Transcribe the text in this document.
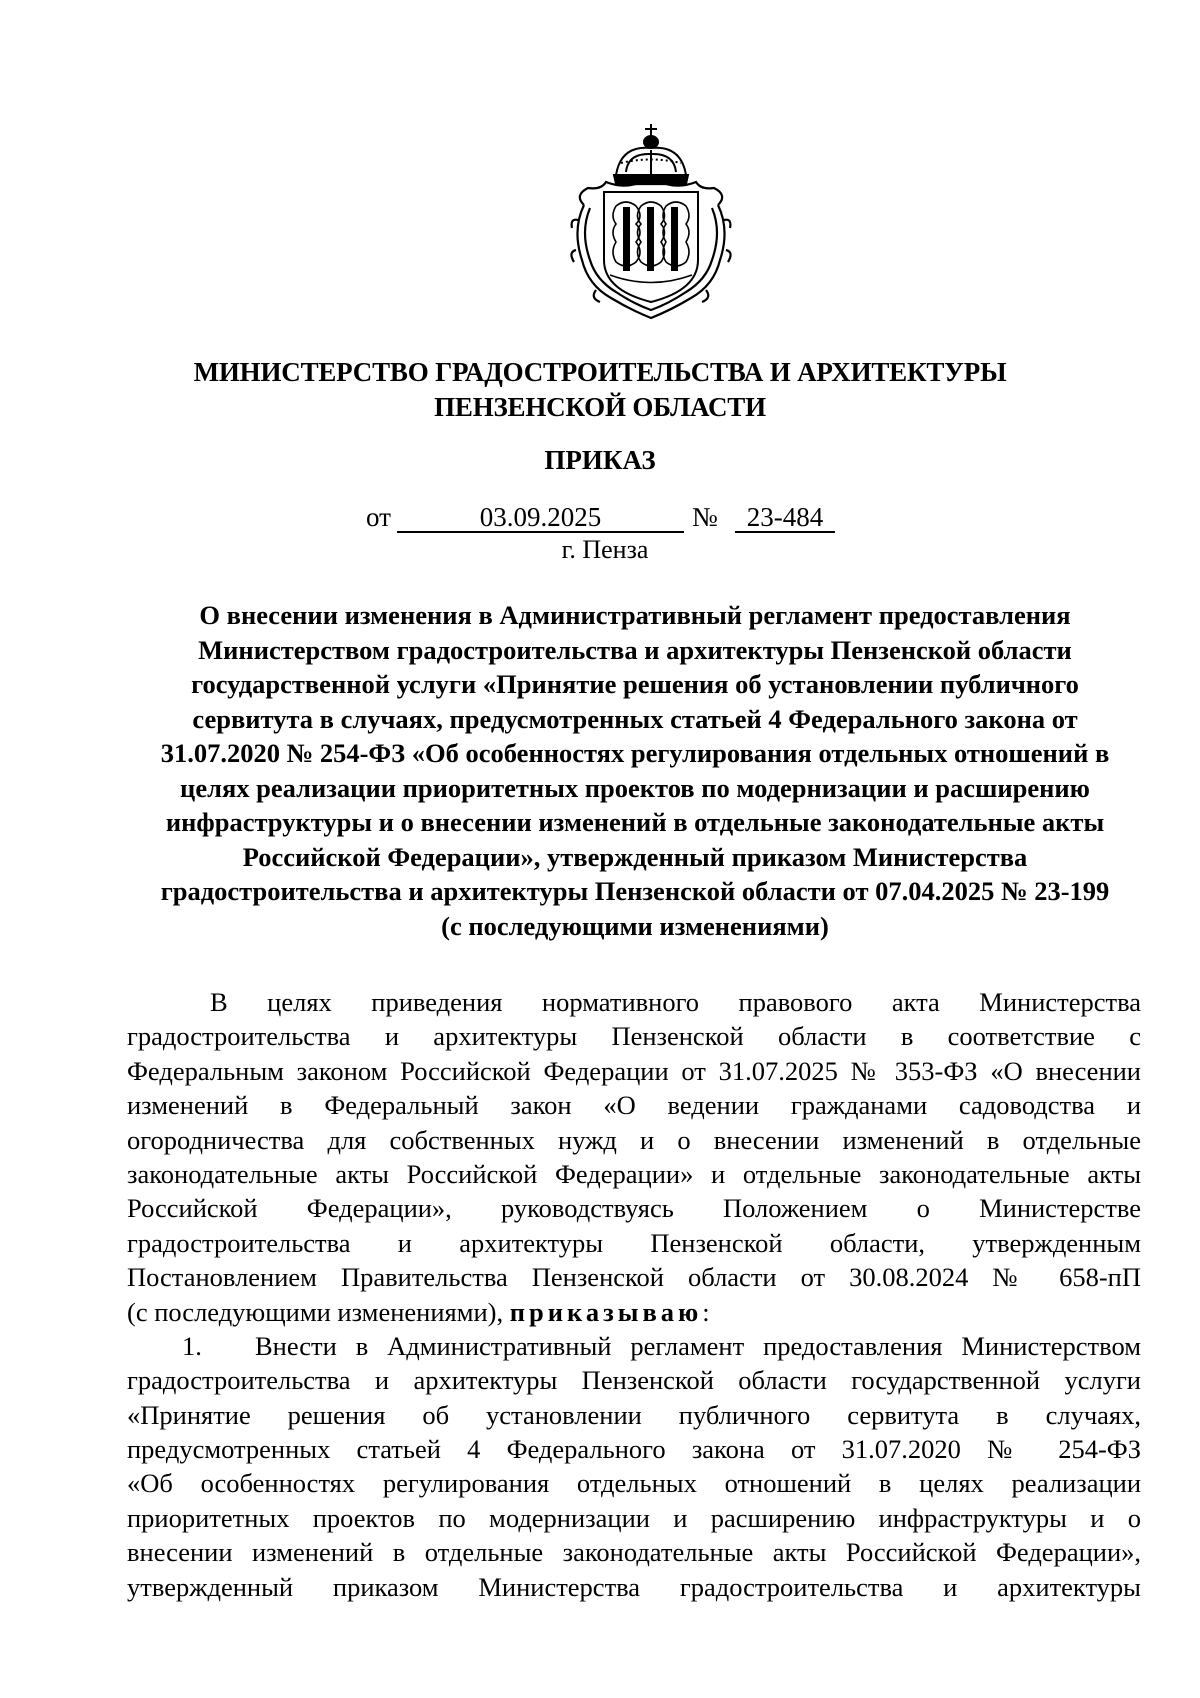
МИНИСТЕРСТВО ГРАДОСТРОИТЕЛЬСТВА И АРХИТЕКТУРЫ
ПЕНЗЕНСКОЙ ОБЛАСТИ
ПРИКАЗ
от	03.09.2025	№	23-484
г. Пенза
О внесении изменения в Административный регламент предоставления
Министерством градостроительства и архитектуры Пензенской области
государственной услуги «Принятие решения об установлении публичного
сервитута в случаях, предусмотренных статьей 4 Федерального закона от
31.07.2020 № 254-ФЗ «Об особенностях регулирования отдельных отношений в
целях реализации приоритетных проектов по модернизации и расширению
инфраструктуры и о внесении изменений в отдельные законодательные акты
Российской Федерации», утвержденный приказом Министерства
градостроительства и архитектуры Пензенской области от 07.04.2025 № 23-199
(с последующими изменениями)
В целях приведения нормативного правового акта Министерства
градостроительства и архитектуры Пензенской области в соответствие с
Федеральным законом Российской Федерации от 31.07.2025 № 353-ФЗ «О внесении
изменений в Федеральный закон «О ведении гражданами садоводства и
огородничества для собственных нужд и о внесении изменений в отдельные
законодательные акты Российской Федерации» и отдельные законодательные акты
Российской Федерации», руководствуясь Положением о Министерстве
градостроительства и архитектуры Пензенской области, утвержденным
Постановлением Правительства Пензенской области от 30.08.2024 № 658-пП
(с последующими изменениями), приказываю:
1. Внести в Административный регламент предоставления Министерством
градостроительства и архитектуры Пензенской области государственной услуги
«Принятие решения об установлении публичного сервитута в случаях,
предусмотренных статьей 4 Федерального закона от 31.07.2020 № 254-ФЗ
«Об особенностях регулирования отдельных отношений в целях реализации
приоритетных проектов по модернизации и расширению инфраструктуры и о
внесении изменений в отдельные законодательные акты Российской Федерации»,
утвержденный приказом Министерства градостроительства и архитектуры
